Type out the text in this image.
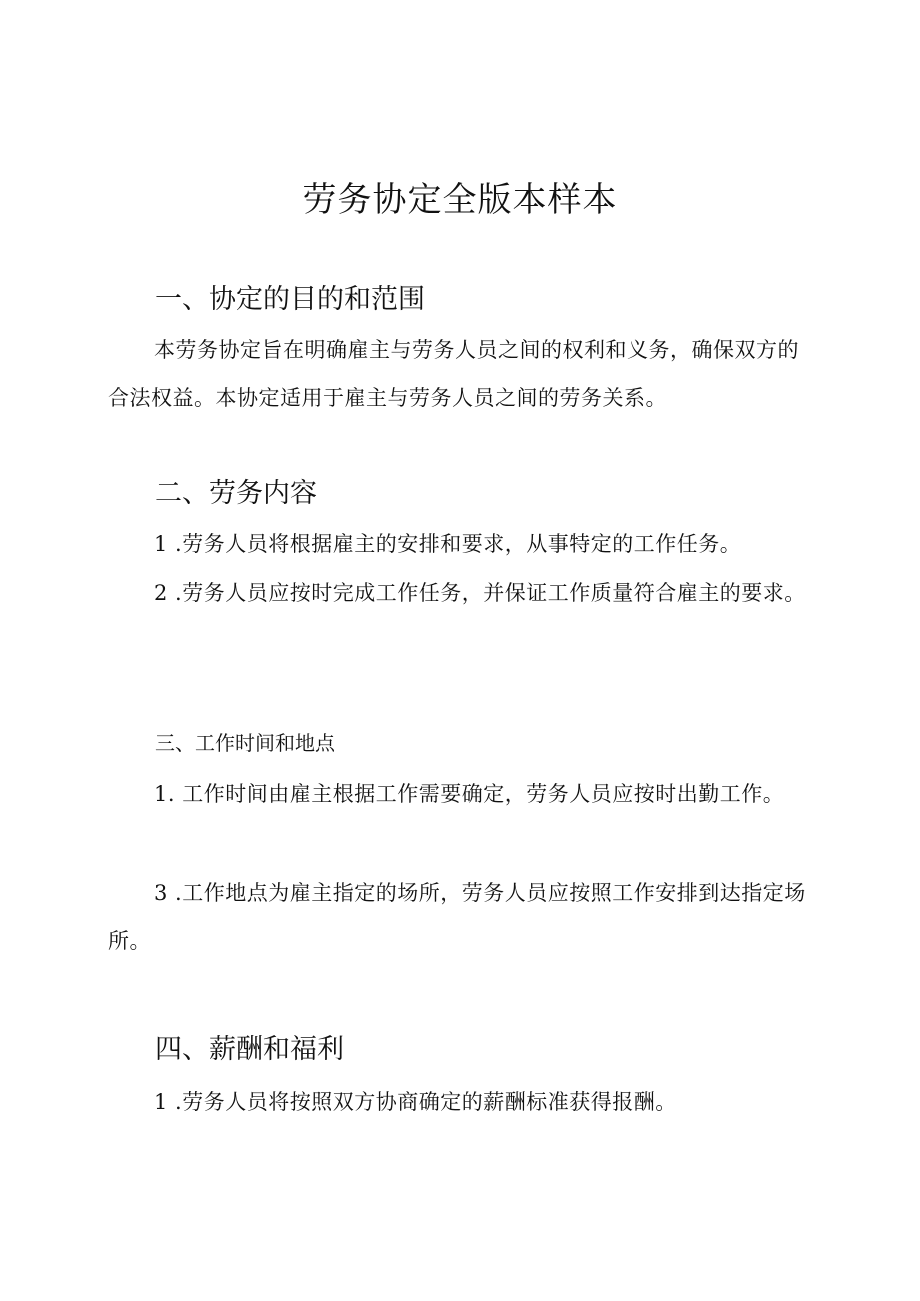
劳务协定全版本样本
一、协定的目的和范围
本劳务协定旨在明确雇主与劳务人员之间的权利和义务，确保双方的合法权益。本协定适用于雇主与劳务人员之间的劳务关系。
二、劳务内容
1 .劳务人员将根据雇主的安排和要求，从事特定的工作任务。
2 .劳务人员应按时完成工作任务，并保证工作质量符合雇主的要求。
三、工作时间和地点
1. 工作时间由雇主根据工作需要确定，劳务人员应按时出勤工作。
3 .工作地点为雇主指定的场所，劳务人员应按照工作安排到达指定场所。
四、薪酬和福利
1 .劳务人员将按照双方协商确定的薪酬标准获得报酬。
